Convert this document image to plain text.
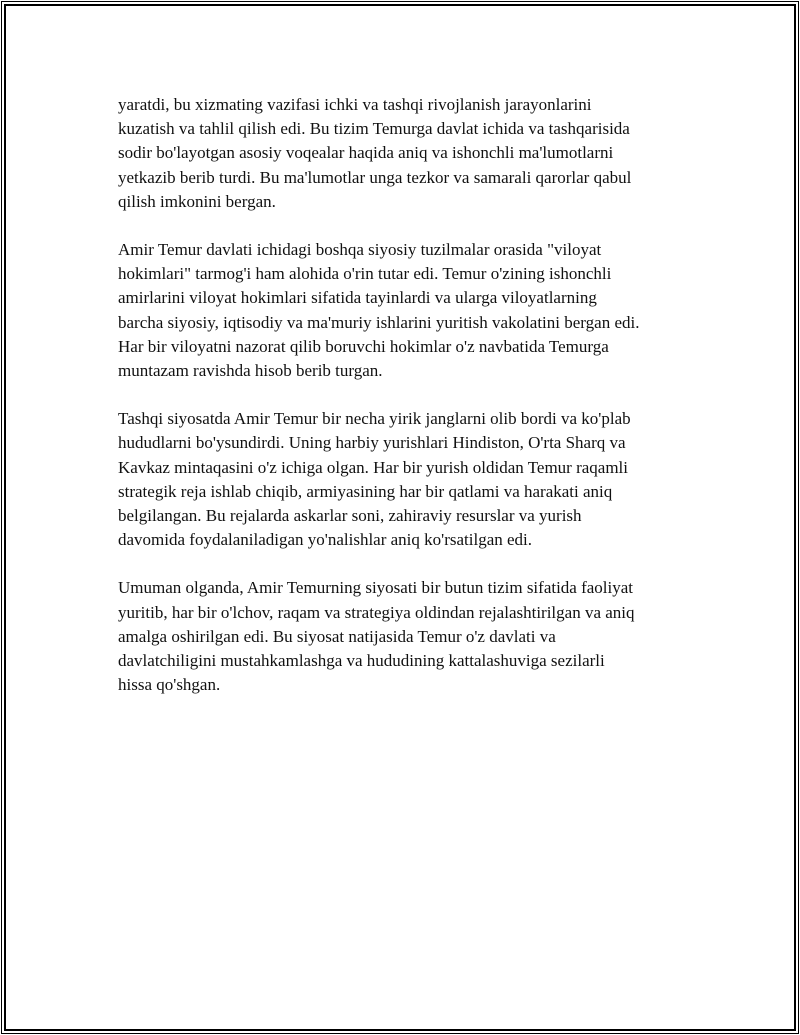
yaratdi, bu xizmating vazifasi ichki va tashqi rivojlanish jarayonlarini
kuzatish va tahlil qilish edi. Bu tizim Temurga davlat ichida va tashqarisida
sodir bo'layotgan asosiy voqealar haqida aniq va ishonchli ma'lumotlarni
yetkazib berib turdi. Bu ma'lumotlar unga tezkor va samarali qarorlar qabul
qilish imkonini bergan.

Amir Temur davlati ichidagi boshqa siyosiy tuzilmalar orasida "viloyat
hokimlari" tarmog'i ham alohida o'rin tutar edi. Temur o'zining ishonchli
amirlarini viloyat hokimlari sifatida tayinlardi va ularga viloyatlarning
barcha siyosiy, iqtisodiy va ma'muriy ishlarini yuritish vakolatini bergan edi.
Har bir viloyatni nazorat qilib boruvchi hokimlar o'z navbatida Temurga
muntazam ravishda hisob berib turgan.

Tashqi siyosatda Amir Temur bir necha yirik janglarni olib bordi va ko'plab
hududlarni bo'ysundirdi. Uning harbiy yurishlari Hindiston, O'rta Sharq va
Kavkaz mintaqasini o'z ichiga olgan. Har bir yurish oldidan Temur raqamli
strategik reja ishlab chiqib, armiyasining har bir qatlami va harakati aniq
belgilangan. Bu rejalarda askarlar soni, zahiraviy resurslar va yurish
davomida foydalaniladigan yo'nalishlar aniq ko'rsatilgan edi.

Umuman olganda, Amir Temurning siyosati bir butun tizim sifatida faoliyat
yuritib, har bir o'lchov, raqam va strategiya oldindan rejalashtirilgan va aniq
amalga oshirilgan edi. Bu siyosat natijasida Temur o'z davlati va
davlatchiligini mustahkamlashga va hududining kattalashuviga sezilarli
hissa qo'shgan.
